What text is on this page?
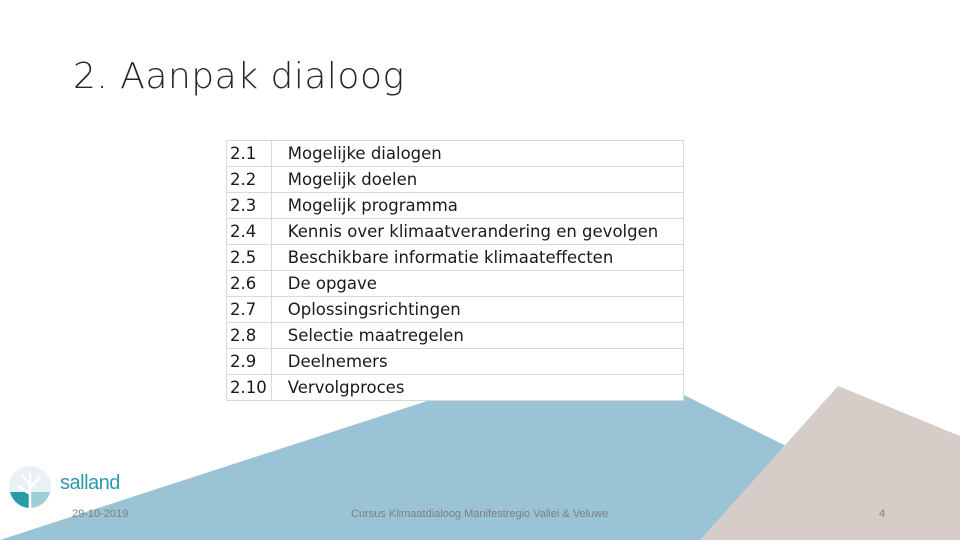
2. Aanpak dialoog
2.1	Mogelijke dialogen
2.2	Mogelijk doelen
2.3	Mogelijk programma
2.4	Kennis over klimaatverandering en gevolgen
2.5	Beschikbare informatie klimaateffecten
2.6	De opgave
2.7	Oplossingsrichtingen
2.8	Selectie maatregelen
2.9	Deelnemers
2.10	Vervolgproces
salland
29-10-2019	Cursus Klimaatdialoog Manifestregio Vallei & Veluwe	4
